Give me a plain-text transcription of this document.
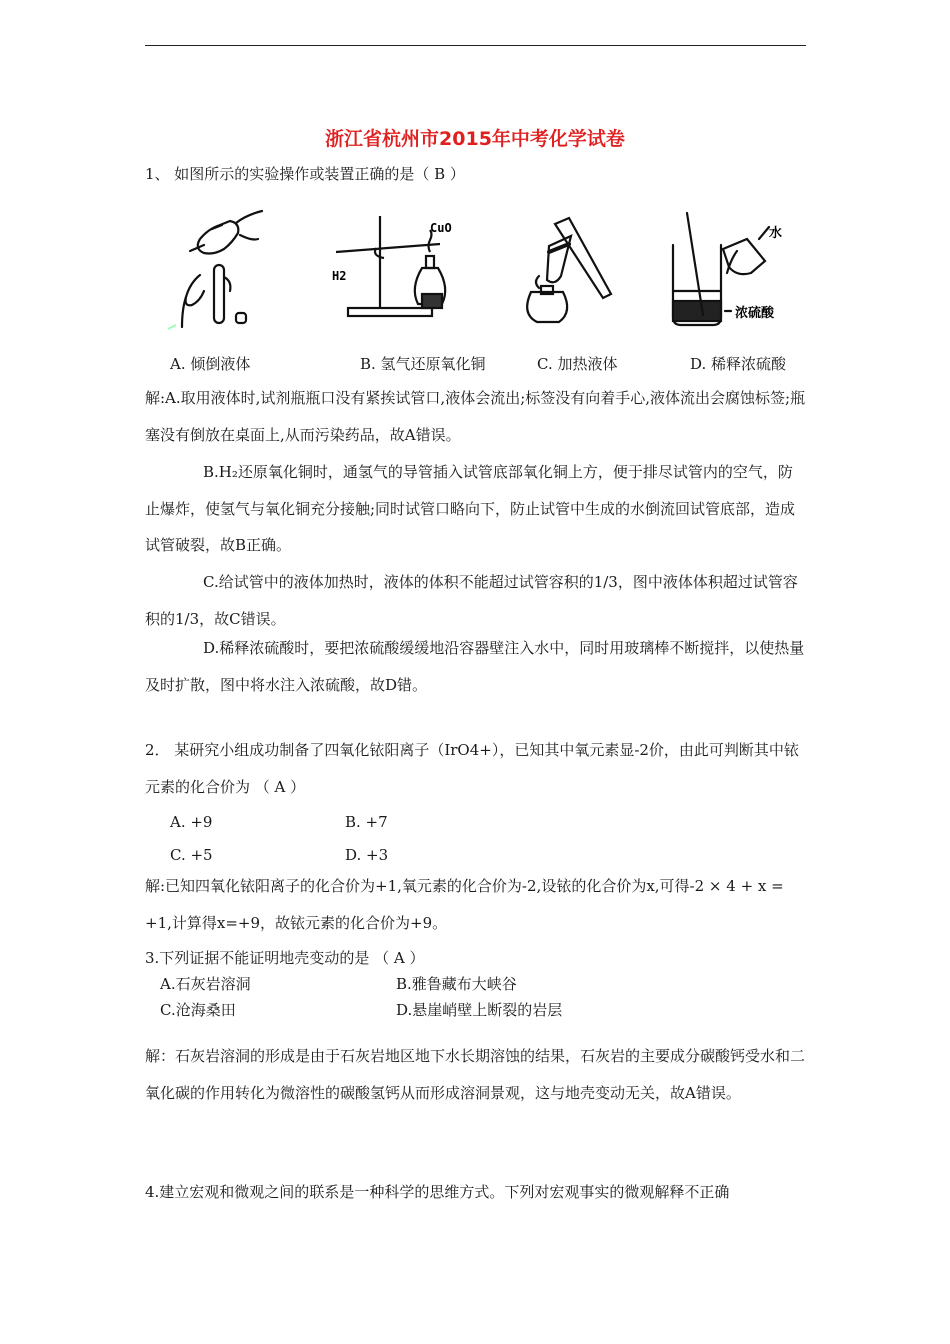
浙江省杭州市2015年中考化学试卷
1、 如图所示的实验操作或装置正确的是（ B ）
CuO
H2
水
浓硫酸
A. 倾倒液体	B. 氢气还原氧化铜	C. 加热液体	D. 稀释浓硫酸
解:A.取用液体时,试剂瓶瓶口没有紧挨试管口,液体会流出;标签没有向着手心,液体流出会腐蚀标签;瓶塞没有倒放在桌面上,从而污染药品，故A错误。
B.H₂还原氧化铜时，通氢气的导管插入试管底部氧化铜上方，便于排尽试管内的空气，防止爆炸，使氢气与氧化铜充分接触;同时试管口略向下，防止试管中生成的水倒流回试管底部，造成试管破裂，故B正确。
C.给试管中的液体加热时，液体的体积不能超过试管容积的1/3，图中液体体积超过试管容积的1/3，故C错误。
D.稀释浓硫酸时，要把浓硫酸缓缓地沿容器壁注入水中，同时用玻璃棒不断搅拌，以使热量及时扩散，图中将水注入浓硫酸，故D错。
2． 某研究小组成功制备了四氧化铱阳离子（IrO4+），已知其中氧元素显-2价，由此可判断其中铱元素的化合价为 （ A ）
A. +9	B. +7
C. +5	D. +3
解:已知四氧化铱阳离子的化合价为+1,氧元素的化合价为-2,设铱的化合价为x,可得-2 × 4 + x = +1,计算得x=+9，故铱元素的化合价为+9。
3.下列证据不能证明地壳变动的是 （ A ）
A.石灰岩溶洞	B.雅鲁藏布大峡谷
C.沧海桑田	D.悬崖峭壁上断裂的岩层
解：石灰岩溶洞的形成是由于石灰岩地区地下水长期溶蚀的结果，石灰岩的主要成分碳酸钙受水和二氧化碳的作用转化为微溶性的碳酸氢钙从而形成溶洞景观，这与地壳变动无关，故A错误。
4.建立宏观和微观之间的联系是一种科学的思维方式。下列对宏观事实的微观解释不正确
